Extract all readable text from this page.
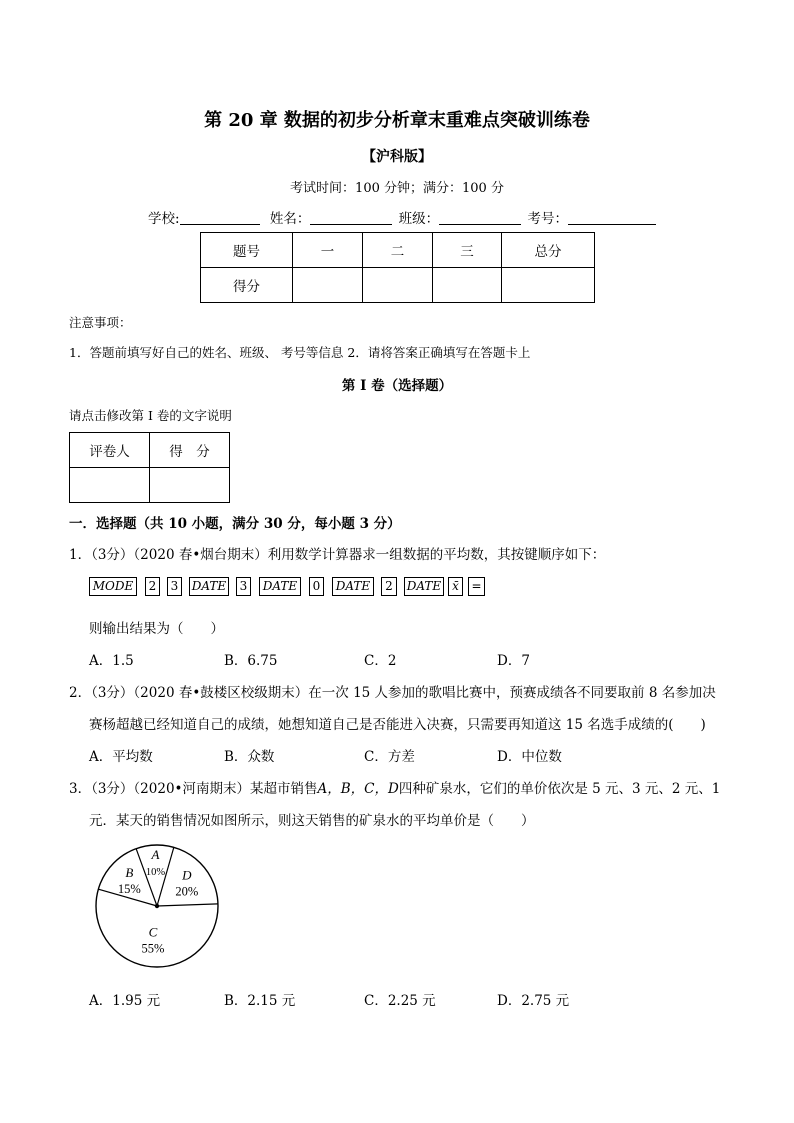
第 20 章 数据的初步分析章末重难点突破训练卷
【沪科版】
考试时间：100 分钟；满分：100 分
学校:	姓名：	班级：	考号：
题号	一	二	三	总分
得分				
注意事项：
1．答题前填写好自己的姓名、班级、 考号等信息 2．请将答案正确填写在答题卡上
第 I 卷（选择题）
请点击修改第 I 卷的文字说明
评卷人	得　分

一．选择题（共 10 小题，满分 30 分，每小题 3 分）
1．（3分）（2020 春•烟台期末）利用数学计算器求一组数据的平均数，其按键顺序如下：
MODE	2	3	DATE	3	DATE	0	DATE	2	DATE x̄	=
则输出结果为（　　）
A．1.5	B．6.75	C．2	D．7
2．（3分）（2020 春•鼓楼区校级期末）在一次 15 人参加的歌唱比赛中，预赛成绩各不同要取前 8 名参加决
赛杨超越已经知道自己的成绩，她想知道自己是否能进入决赛，只需要再知道这 15 名选手成绩的(　　)
A．平均数	B．众数	C．方差	D．中位数
3．（3分）（2020•河南期末）某超市销售A，B，C，D四种矿泉水，它们的单价依次是 5 元、3 元、2 元、1
元．某天的销售情况如图所示，则这天销售的矿泉水的平均单价是（　　）
A
10% D
20%
C
55%
B
15%
A．1.95 元	B．2.15 元	C．2.25 元	D．2.75 元
